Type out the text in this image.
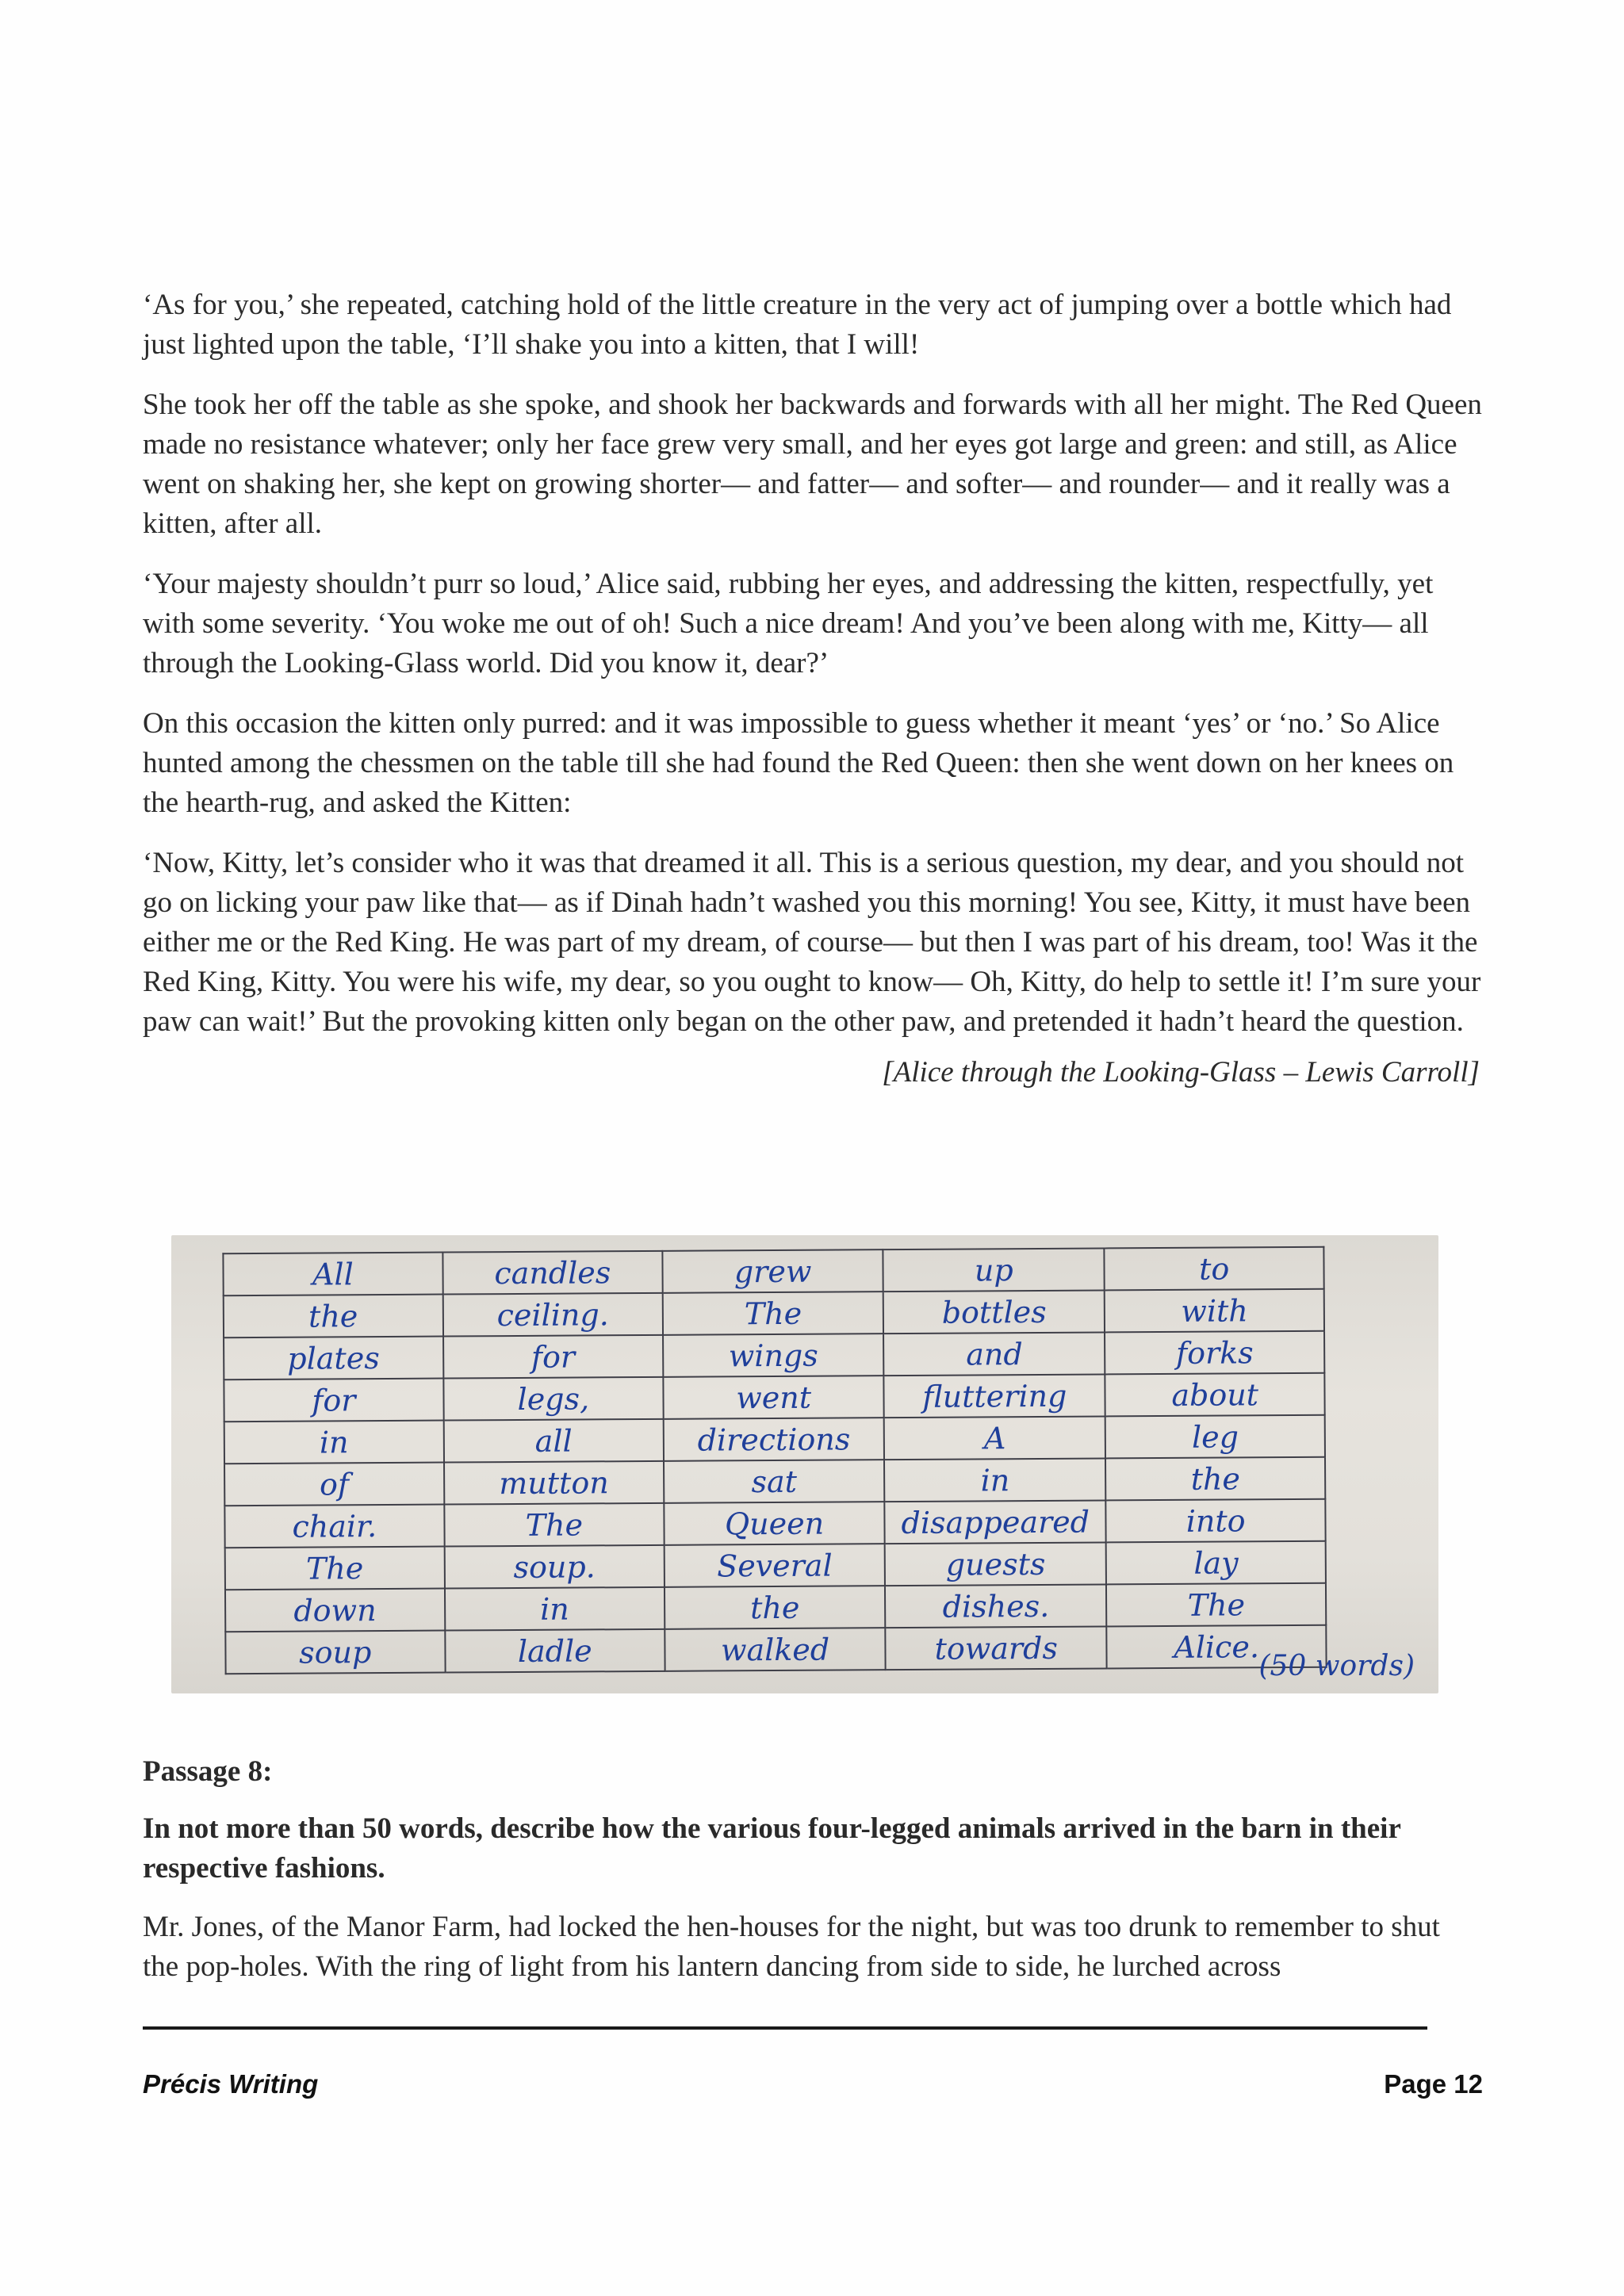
‘As for you,’ she repeated, catching hold of the little creature in the very act of jumping over a bottle which had just lighted upon the table, ‘I’ll shake you into a kitten, that I will!

She took her off the table as she spoke, and shook her backwards and forwards with all her might. The Red Queen made no resistance whatever; only her face grew very small, and her eyes got large and green: and still, as Alice went on shaking her, she kept on growing shorter— and fatter— and softer— and rounder— and it really was a kitten, after all.

‘Your majesty shouldn’t purr so loud,’ Alice said, rubbing her eyes, and addressing the kitten, respectfully, yet with some severity. ‘You woke me out of oh! Such a nice dream! And you’ve been along with me, Kitty— all through the Looking-Glass world. Did you know it, dear?’

On this occasion the kitten only purred: and it was impossible to guess whether it meant ‘yes’ or ‘no.’ So Alice hunted among the chessmen on the table till she had found the Red Queen: then she went down on her knees on the hearth-rug, and asked the Kitten:

‘Now, Kitty, let’s consider who it was that dreamed it all. This is a serious question, my dear, and you should not go on licking your paw like that— as if Dinah hadn’t washed you this morning! You see, Kitty, it must have been either me or the Red King. He was part of my dream, of course— but then I was part of his dream, too! Was it the Red King, Kitty. You were his wife, my dear, so you ought to know— Oh, Kitty, do help to settle it! I’m sure your paw can wait!’ But the provoking kitten only began on the other paw, and pretended it hadn’t heard the question.

[Alice through the Looking-Glass – Lewis Carroll]

All	candles	grew	up	to
the	ceiling.	The	bottles	with
plates	for	wings	and	forks
for	legs,	went	fluttering	about
in	all	directions	A	leg
of	mutton	sat	in	the
chair.	The	Queen	disappeared	into
The	soup.	Several	guests	lay
down	in	the	dishes.	The
soup	ladle	walked	towards	Alice.
(50 words)

Passage 8:

In not more than 50 words, describe how the various four-legged animals arrived in the barn in their respective fashions.

Mr. Jones, of the Manor Farm, had locked the hen-houses for the night, but was too drunk to remember to shut the pop-holes. With the ring of light from his lantern dancing from side to side, he lurched across

Précis Writing	Page 12
